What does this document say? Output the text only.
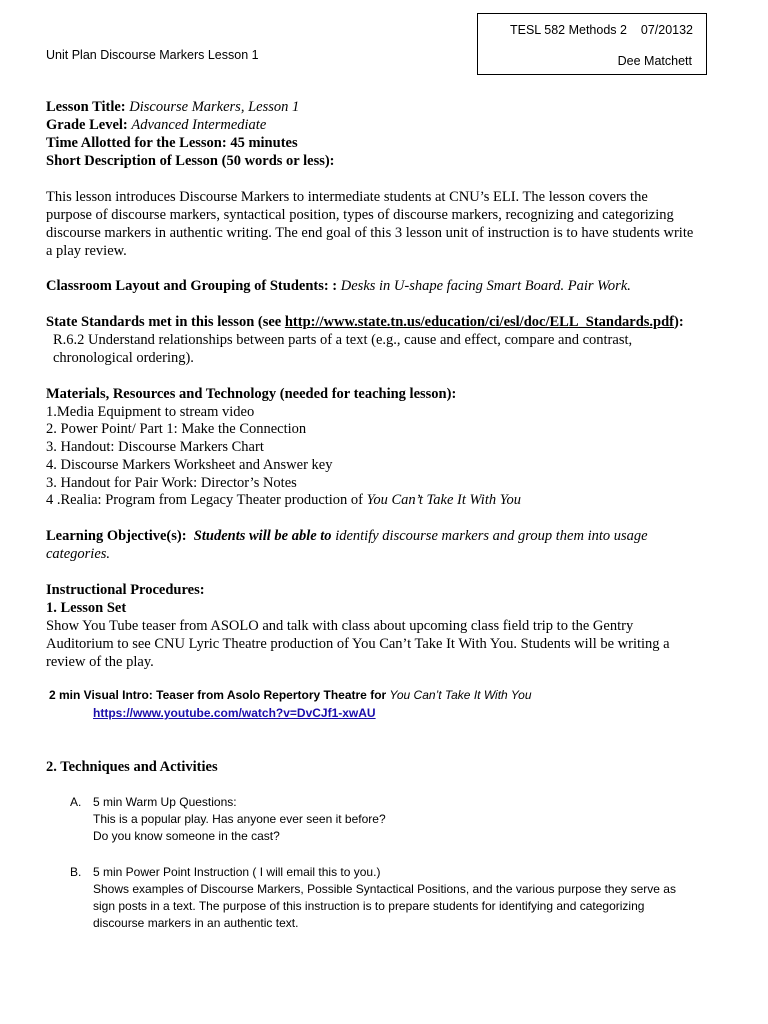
TESL 582 Methods 2 07/20132
Dee Matchett
Unit Plan Discourse Markers Lesson 1
Lesson Title: Discourse Markers, Lesson 1
Grade Level: Advanced Intermediate
Time Allotted for the Lesson: 45 minutes
Short Description of Lesson (50 words or less):
This lesson introduces Discourse Markers to intermediate students at CNU’s ELI. The lesson covers the
purpose of discourse markers, syntactical position, types of discourse markers, recognizing and categorizing
discourse markers in authentic writing. The end goal of this 3 lesson unit of instruction is to have students write
a play review.
Classroom Layout and Grouping of Students: : Desks in U-shape facing Smart Board. Pair Work.
State Standards met in this lesson (see http://www.state.tn.us/education/ci/esl/doc/ELL_Standards.pdf):
R.6.2 Understand relationships between parts of a text (e.g., cause and effect, compare and contrast,
chronological ordering).
Materials, Resources and Technology (needed for teaching lesson):
1.Media Equipment to stream video
2. Power Point/ Part 1: Make the Connection
3. Handout: Discourse Markers Chart
4. Discourse Markers Worksheet and Answer key
3. Handout for Pair Work: Director’s Notes
4 .Realia: Program from Legacy Theater production of You Can’t Take It With You
Learning Objective(s): Students will be able to identify discourse markers and group them into usage
categories.
Instructional Procedures:
1. Lesson Set
Show You Tube teaser from ASOLO and talk with class about upcoming class field trip to the Gentry
Auditorium to see CNU Lyric Theatre production of You Can’t Take It With You. Students will be writing a
review of the play.
2 min Visual Intro: Teaser from Asolo Repertory Theatre for You Can’t Take It With You
https://www.youtube.com/watch?v=DvCJf1-xwAU
2. Techniques and Activities
A. 5 min Warm Up Questions:
This is a popular play. Has anyone ever seen it before?
Do you know someone in the cast?
B. 5 min Power Point Instruction ( I will email this to you.)
Shows examples of Discourse Markers, Possible Syntactical Positions, and the various purpose they serve as
sign posts in a text. The purpose of this instruction is to prepare students for identifying and categorizing
discourse markers in an authentic text.
